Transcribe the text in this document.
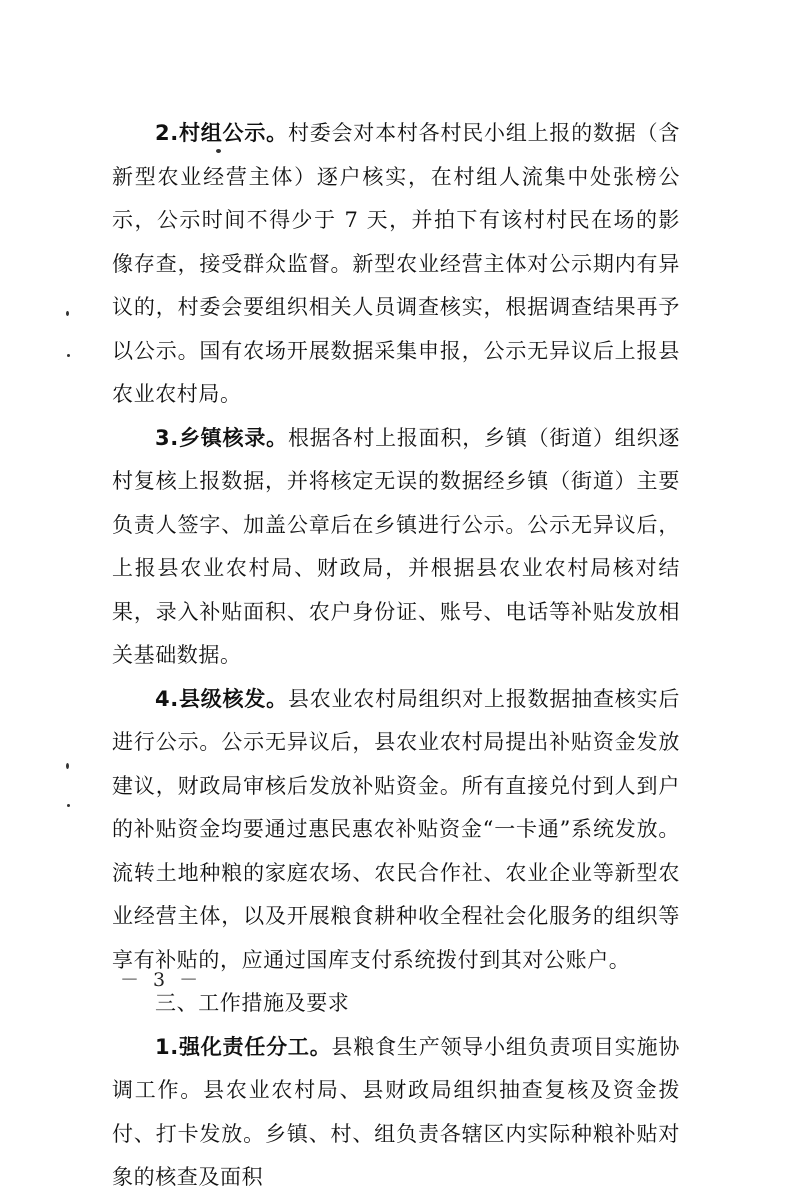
2.村组公示。村委会对本村各村民小组上报的数据（含新型农业经营主体）逐户核实，在村组人流集中处张榜公示，公示时间不得少于 7 天，并拍下有该村村民在场的影像存查，接受群众监督。新型农业经营主体对公示期内有异议的，村委会要组织相关人员调查核实，根据调查结果再予以公示。国有农场开展数据采集申报，公示无异议后上报县农业农村局。

3.乡镇核录。根据各村上报面积，乡镇（街道）组织逐村复核上报数据，并将核定无误的数据经乡镇（街道）主要负责人签字、加盖公章后在乡镇进行公示。公示无异议后，上报县农业农村局、财政局，并根据县农业农村局核对结果，录入补贴面积、农户身份证、账号、电话等补贴发放相关基础数据。

4.县级核发。县农业农村局组织对上报数据抽查核实后进行公示。公示无异议后，县农业农村局提出补贴资金发放建议，财政局审核后发放补贴资金。所有直接兑付到人到户的补贴资金均要通过惠民惠农补贴资金“一卡通”系统发放。流转土地种粮的家庭农场、农民合作社、农业企业等新型农业经营主体，以及开展粮食耕种收全程社会化服务的组织等享有补贴的，应通过国库支付系统拨付到其对公账户。

三、工作措施及要求

1.强化责任分工。县粮食生产领导小组负责项目实施协调工作。县农业农村局、县财政局组织抽查复核及资金拨付、打卡发放。乡镇、村、组负责各辖区内实际种粮补贴对象的核查及面积

－ 3 －
